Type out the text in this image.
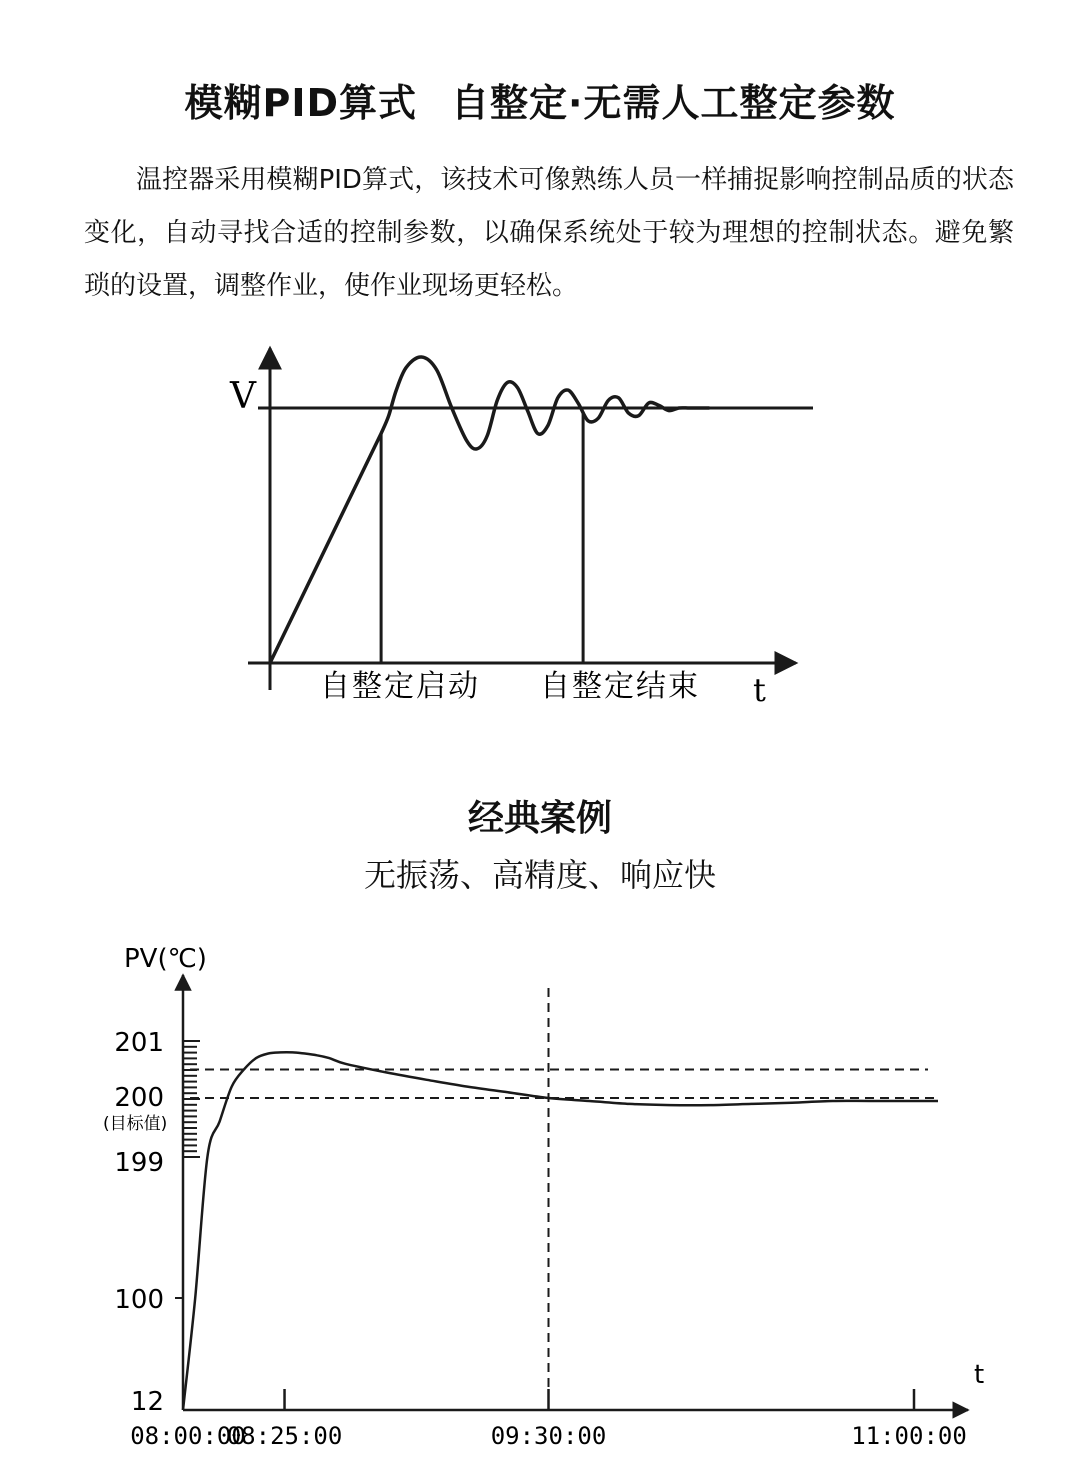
模糊PID算式 自整定·无需人工整定参数

温控器采用模糊PID算式，该技术可像熟练人员一样捕捉影响控制品质的状态变化，自动寻找合适的控制参数，以确保系统处于较为理想的控制状态。避免繁琐的设置，调整作业，使作业现场更轻松。

V
t
自整定启动 自整定结束
经典案例

无振荡、高精度、响应快

PV(℃)
t
201
200
199
100
12
(目标值)
08:00:00
08:25:00	09:30:00	11:00:00
